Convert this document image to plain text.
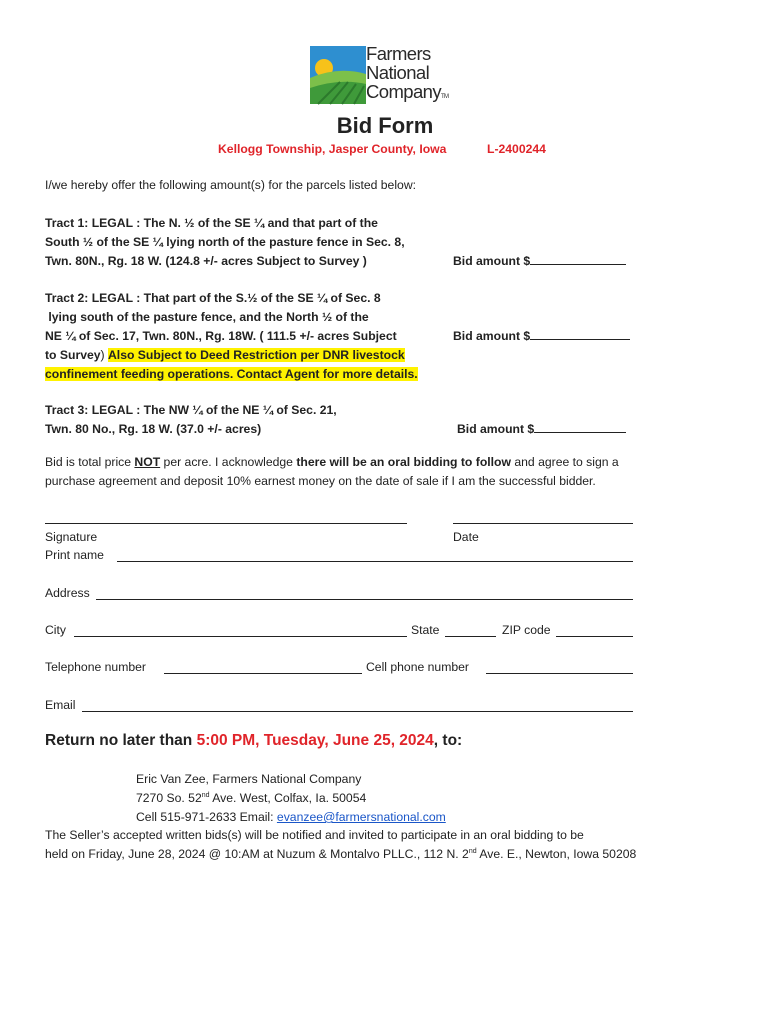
Farmers
National
CompanyTM
Bid Form
Kellogg Township, Jasper County, Iowa	L-2400244
I/we hereby offer the following amount(s) for the parcels listed below:
Tract 1: LEGAL : The N. ½ of the SE ¼ and that part of the
South ½ of the SE ¼ lying north of the pasture fence in Sec. 8,
Twn. 80N., Rg. 18 W. (124.8 +/- acres Subject to Survey )	Bid amount $
Tract 2: LEGAL : That part of the S.½ of the SE ¼ of Sec. 8
lying south of the pasture fence, and the North ½ of the
NE ¼ of Sec. 17, Twn. 80N., Rg. 18W. ( 111.5 +/- acres Subject
to Survey) Also Subject to Deed Restriction per DNR livestock
confinement feeding operations. Contact Agent for more details.
Bid amount $
Tract 3: LEGAL : The NW ¼ of the NE ¼ of Sec. 21,
Twn. 80 No., Rg. 18 W. (37.0 +/- acres)	Bid amount $
Bid is total price NOT per acre. I acknowledge there will be an oral bidding to follow and agree to sign a
purchase agreement and deposit 10% earnest money on the date of sale if I am the successful bidder.
Signature	Date
Print name
Address
City	State	ZIP code
Telephone number	Cell phone number
Email
Return no later than 5:00 PM, Tuesday, June 25, 2024, to:
Eric Van Zee, Farmers National Company
7270 So. 52nd Ave. West, Colfax, Ia. 50054
Cell 515-971-2633 Email: evanzee@farmersnational.com
The Seller’s accepted written bids(s) will be notified and invited to participate in an oral bidding to be
held on Friday, June 28, 2024 @ 10:AM at Nuzum & Montalvo PLLC., 112 N. 2nd Ave. E., Newton, Iowa 50208
